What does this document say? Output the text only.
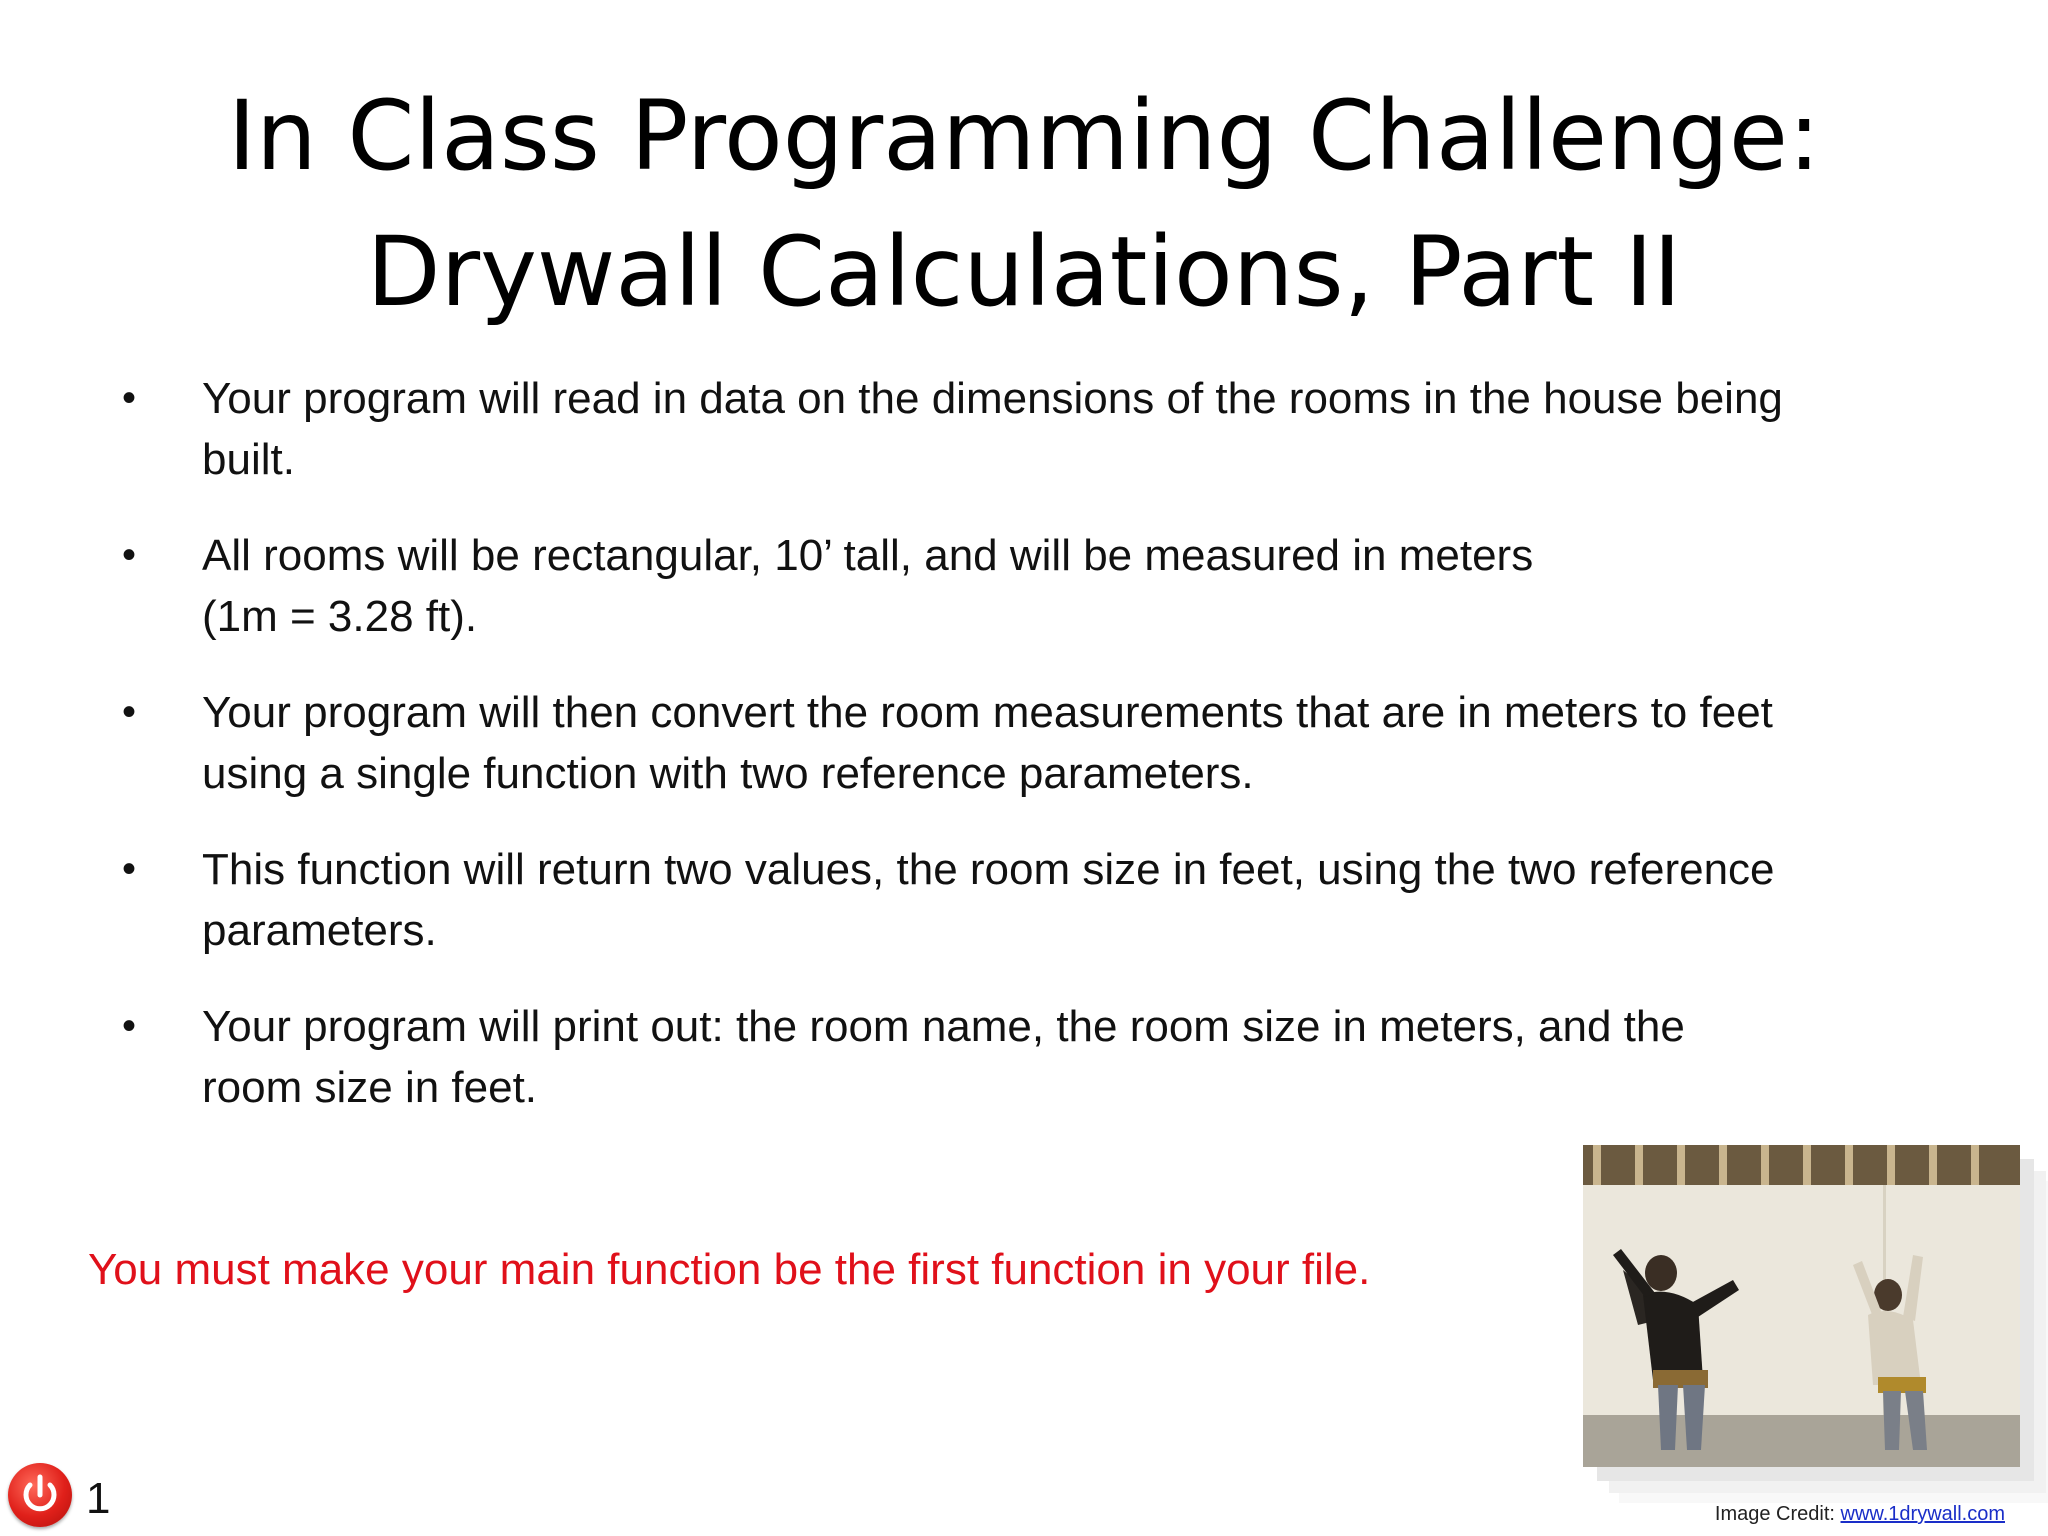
In Class Programming Challenge:
Drywall Calculations, Part II
• Your program will read in data on the dimensions of the rooms in the house being
built.
• All rooms will be rectangular, 10’ tall, and will be measured in meters
(1m = 3.28 ft).
• Your program will then convert the room measurements that are in meters to feet
using a single function with two reference parameters.
• This function will return two values, the room size in feet, using the two reference
parameters.
• Your program will print out: the room name, the room size in meters, and the
room size in feet.
You must make your main function be the first function in your file.
Image Credit: www.1drywall.com
1
